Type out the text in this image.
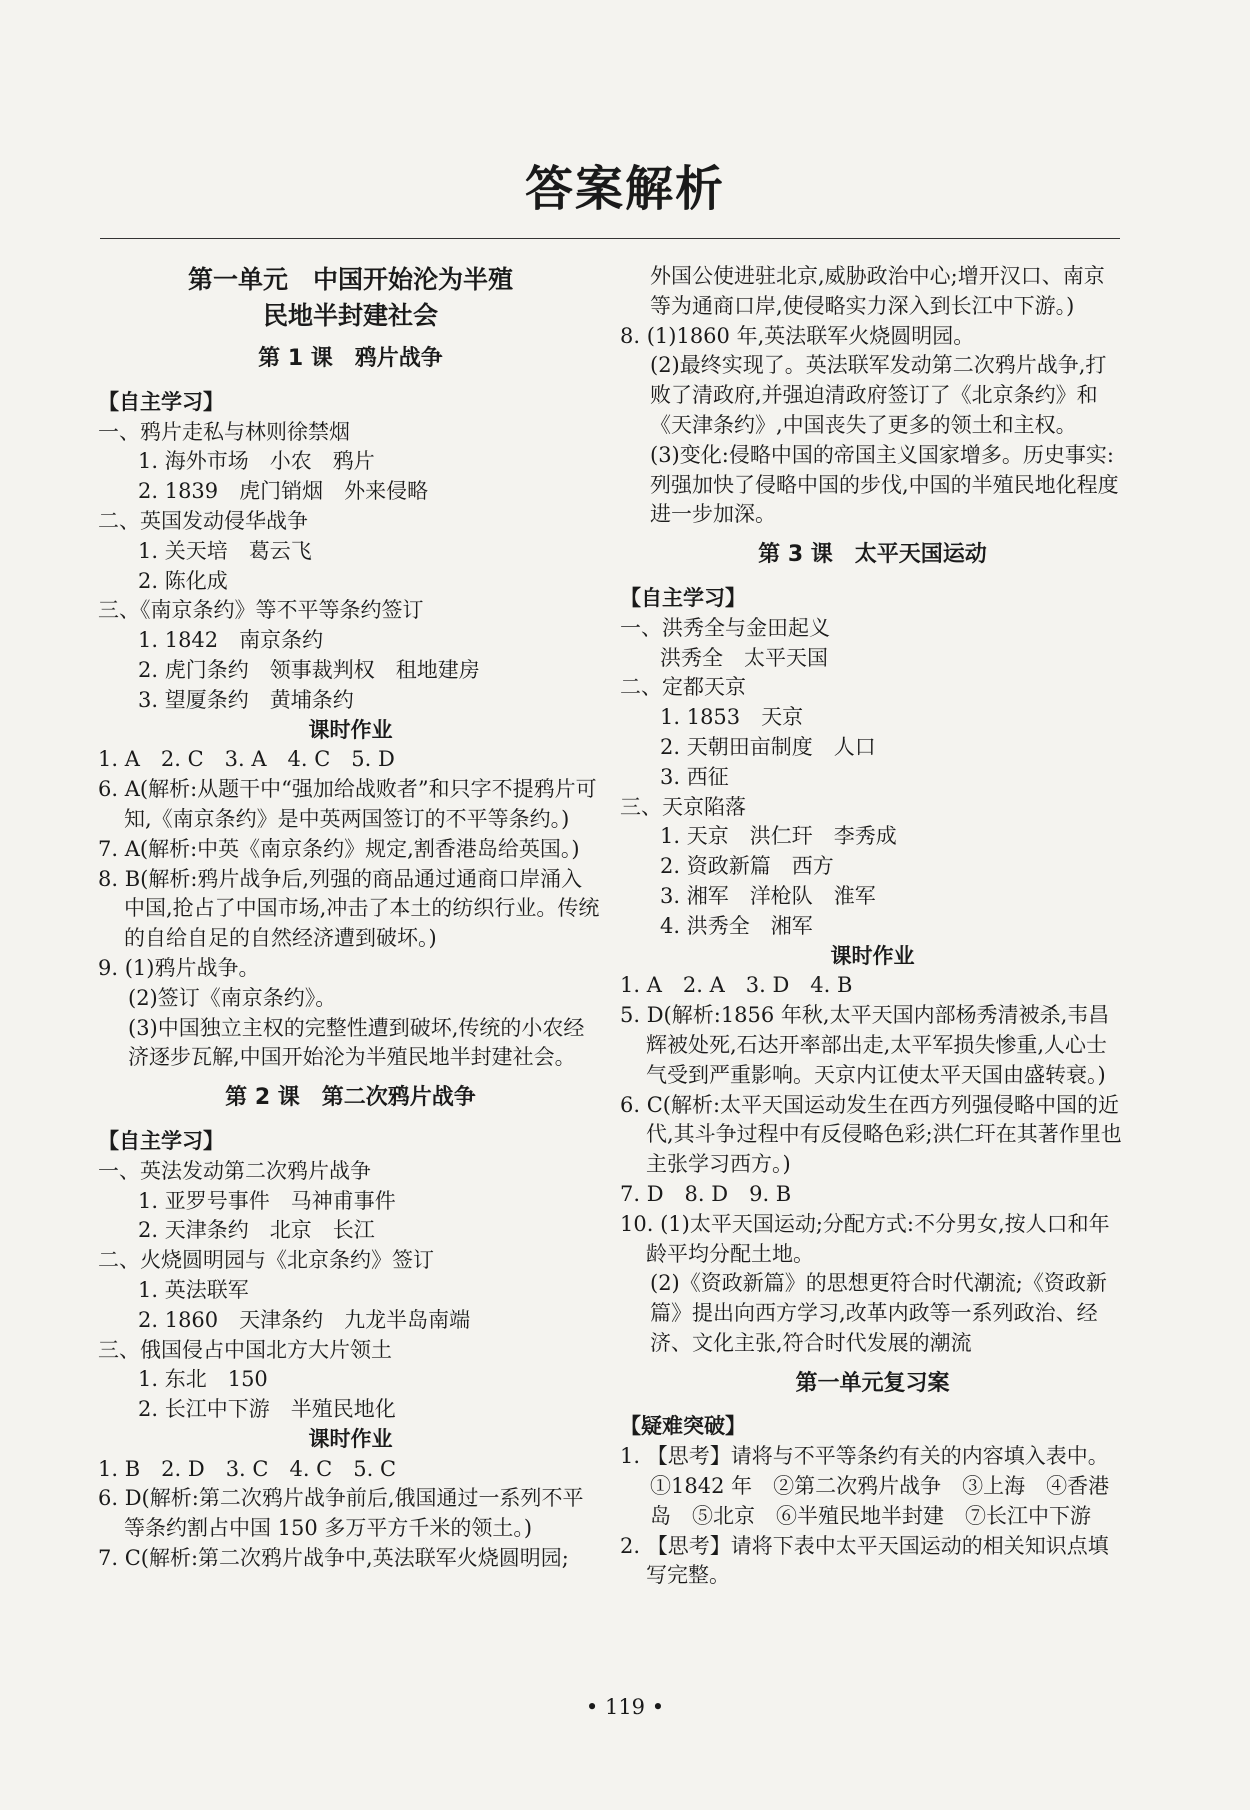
答案解析

第一单元　中国开始沦为半殖

民地半封建社会

第 1 课　鸦片战争

【自主学习】

一、鸦片走私与林则徐禁烟

1. 海外市场　小农　鸦片

2. 1839　虎门销烟　外来侵略

二、英国发动侵华战争

1. 关天培　葛云飞

2. 陈化成

三、《南京条约》等不平等条约签订

1. 1842　南京条约

2. 虎门条约　领事裁判权　租地建房

3. 望厦条约　黄埔条约

课时作业

1. A　2. C　3. A　4. C　5. D

6. A(解析:从题干中“强加给战败者”和只字不提鸦片可知,《南京条约》是中英两国签订的不平等条约。)

7. A(解析:中英《南京条约》规定,割香港岛给英国。)

8. B(解析:鸦片战争后,列强的商品通过通商口岸涌入中国,抢占了中国市场,冲击了本土的纺织行业。传统的自给自足的自然经济遭到破坏。)

9. (1)鸦片战争。

(2)签订《南京条约》。

(3)中国独立主权的完整性遭到破坏,传统的小农经济逐步瓦解,中国开始沦为半殖民地半封建社会。

第 2 课　第二次鸦片战争

【自主学习】

一、英法发动第二次鸦片战争

1. 亚罗号事件　马神甫事件

2. 天津条约　北京　长江

二、火烧圆明园与《北京条约》签订

1. 英法联军

2. 1860　天津条约　九龙半岛南端

三、俄国侵占中国北方大片领土

1. 东北　150

2. 长江中下游　半殖民地化

课时作业

1. B　2. D　3. C　4. C　5. C

6. D(解析:第二次鸦片战争前后,俄国通过一系列不平等条约割占中国 150 多万平方千米的领土。)

7. C(解析:第二次鸦片战争中,英法联军火烧圆明园;

外国公使进驻北京,威胁政治中心;增开汉口、南京等为通商口岸,使侵略实力深入到长江中下游。)

8. (1)1860 年,英法联军火烧圆明园。

(2)最终实现了。英法联军发动第二次鸦片战争,打败了清政府,并强迫清政府签订了《北京条约》和《天津条约》,中国丧失了更多的领土和主权。

(3)变化:侵略中国的帝国主义国家增多。历史事实:列强加快了侵略中国的步伐,中国的半殖民地化程度进一步加深。

第 3 课　太平天国运动

【自主学习】

一、洪秀全与金田起义

洪秀全　太平天国

二、定都天京

1. 1853　天京

2. 天朝田亩制度　人口

3. 西征

三、天京陷落

1. 天京　洪仁玕　李秀成

2. 资政新篇　西方

3. 湘军　洋枪队　淮军

4. 洪秀全　湘军

课时作业

1. A　2. A　3. D　4. B

5. D(解析:1856 年秋,太平天国内部杨秀清被杀,韦昌辉被处死,石达开率部出走,太平军损失惨重,人心士气受到严重影响。天京内讧使太平天国由盛转衰。)

6. C(解析:太平天国运动发生在西方列强侵略中国的近代,其斗争过程中有反侵略色彩;洪仁玕在其著作里也主张学习西方。)

7. D　8. D　9. B

10. (1)太平天国运动;分配方式:不分男女,按人口和年龄平均分配土地。

(2)《资政新篇》的思想更符合时代潮流;《资政新篇》提出向西方学习,改革内政等一系列政治、经济、文化主张,符合时代发展的潮流

第一单元复习案

【疑难突破】

1. 【思考】请将与不平等条约有关的内容填入表中。

①1842 年　②第二次鸦片战争　③上海　④香港岛　⑤北京　⑥半殖民地半封建　⑦长江中下游

2. 【思考】请将下表中太平天国运动的相关知识点填写完整。

• 119 •
